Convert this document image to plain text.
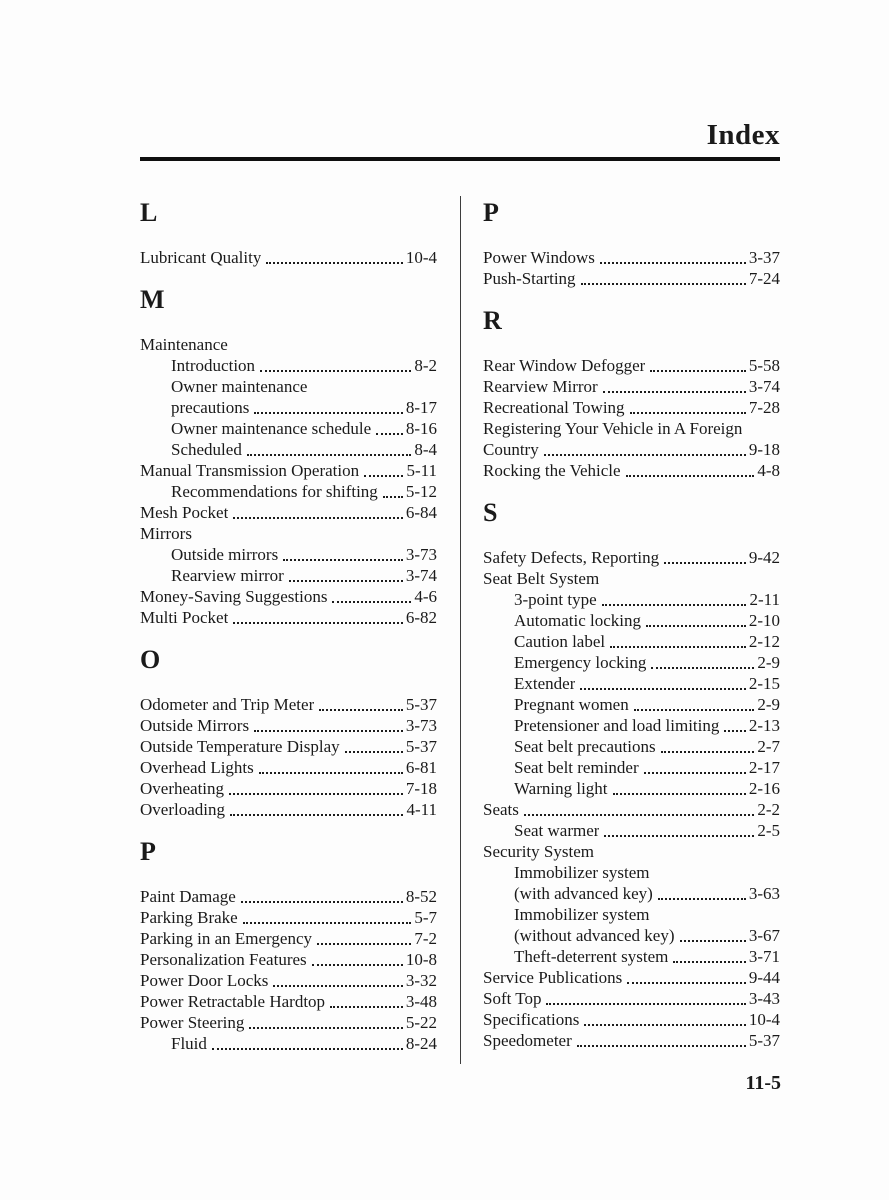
Index
L
Lubricant Quality	10-4
M
Maintenance
Introduction	8-2
Owner maintenance
precautions	8-17
Owner maintenance schedule 8-16
Scheduled	8-4
Manual Transmission Operation	5-11
Recommendations for shifting 5-12
Mesh Pocket	6-84
Mirrors
Outside mirrors	3-73
Rearview mirror	3-74
Money-Saving Suggestions	4-6
Multi Pocket	6-82
O
Odometer and Trip Meter	5-37
Outside Mirrors	3-73
Outside Temperature Display	5-37
Overhead Lights	6-81
Overheating	7-18
Overloading	4-11
P
Paint Damage	8-52
Parking Brake	5-7
Parking in an Emergency	7-2
Personalization Features	10-8
Power Door Locks	3-32
Power Retractable Hardtop	3-48
Power Steering	5-22
Fluid	8-24
P
Power Windows	3-37
Push-Starting	7-24
R
Rear Window Defogger	5-58
Rearview Mirror	3-74
Recreational Towing	7-28
Registering Your Vehicle in A Foreign
Country	9-18
Rocking the Vehicle	4-8
S
Safety Defects, Reporting	9-42
Seat Belt System
3-point type	2-11
Automatic locking	2-10
Caution label	2-12
Emergency locking	2-9
Extender	2-15
Pregnant women	2-9
Pretensioner and load limiting 2-13
Seat belt precautions	2-7
Seat belt reminder	2-17
Warning light	2-16
Seats	2-2
Seat warmer	2-5
Security System
Immobilizer system
(with advanced key)	3-63
Immobilizer system
(without advanced key)	3-67
Theft-deterrent system	3-71
Service Publications	9-44
Soft Top	3-43
Specifications	10-4
Speedometer	5-37
11-5
